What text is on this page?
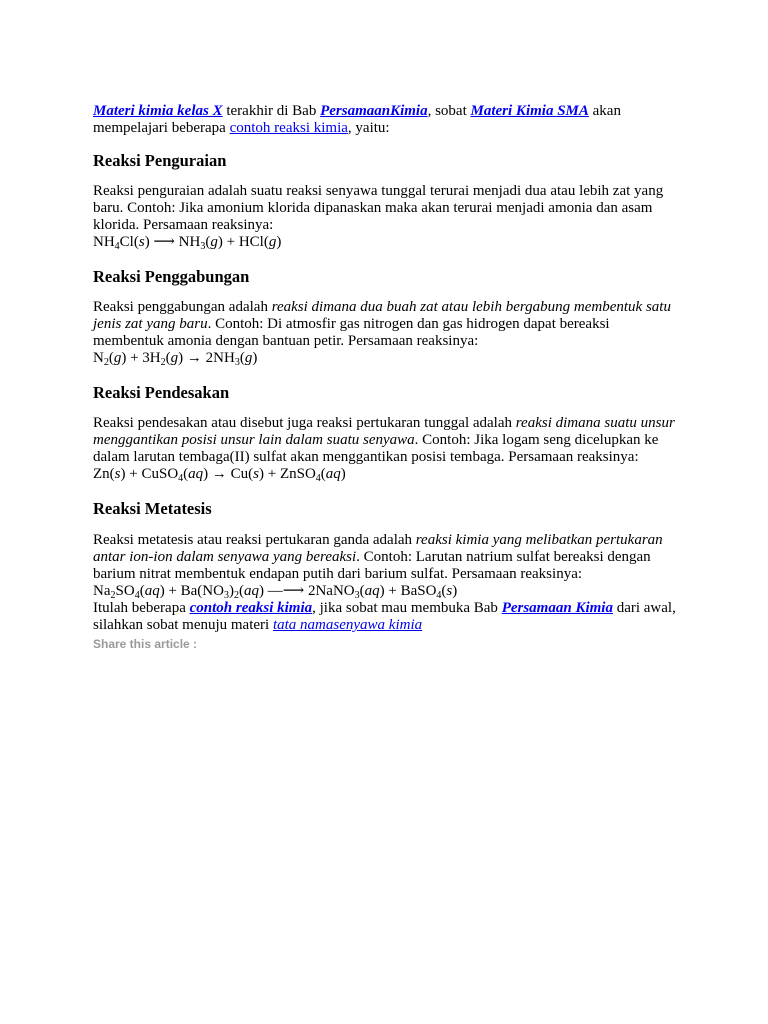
Materi kimia kelas X terakhir di Bab PersamaanKimia, sobat Materi Kimia SMA akan mempelajari beberapa contoh reaksi kimia, yaitu:

Reaksi Penguraian

Reaksi penguraian adalah suatu reaksi senyawa tunggal terurai menjadi dua atau lebih zat yang baru. Contoh: Jika amonium klorida dipanaskan maka akan terurai menjadi amonia dan asam klorida. Persamaan reaksinya:

$NH_4Cl(s)$ ⟶ $NH_3(g) + HCl(g)$
Reaksi Penggabungan

Reaksi penggabungan adalah reaksi dimana dua buah zat atau lebih bergabung membentuk satu jenis zat yang baru. Contoh: Di atmosfir gas nitrogen dan gas hidrogen dapat bereaksi membentuk amonia dengan bantuan petir. Persamaan reaksinya:

$N_2(g) + 3H_2(g) \to 2NH_3(g)$
Reaksi Pendesakan

Reaksi pendesakan atau disebut juga reaksi pertukaran tunggal adalah reaksi dimana suatu unsur menggantikan posisi unsur lain dalam suatu senyawa. Contoh: Jika logam seng dicelupkan ke dalam larutan tembaga(II) sulfat akan menggantikan posisi tembaga. Persamaan reaksinya:

Zn(s) + CuSO$_4$(aq) → Cu(s) + ZnSO$_4$(aq)
Reaksi Metatesis

Reaksi metatesis atau reaksi pertukaran ganda adalah reaksi kimia yang melibatkan pertukaran antar ion-ion dalam senyawa yang bereaksi. Contoh: Larutan natrium sulfat bereaksi dengan barium nitrat membentuk endapan putih dari barium sulfat. Persamaan reaksinya:

$Na_2SO_4(aq) + Ba(NO_3)_2(aq)$ —⟶ 2NaNO$_3$(aq) + BaSO$_4$(s)

Itulah beberapa contoh reaksi kimia, jika sobat mau membuka Bab Persamaan Kimia dari awal, silahkan sobat menuju materi tata namasenyawa kimia

Share this article :
